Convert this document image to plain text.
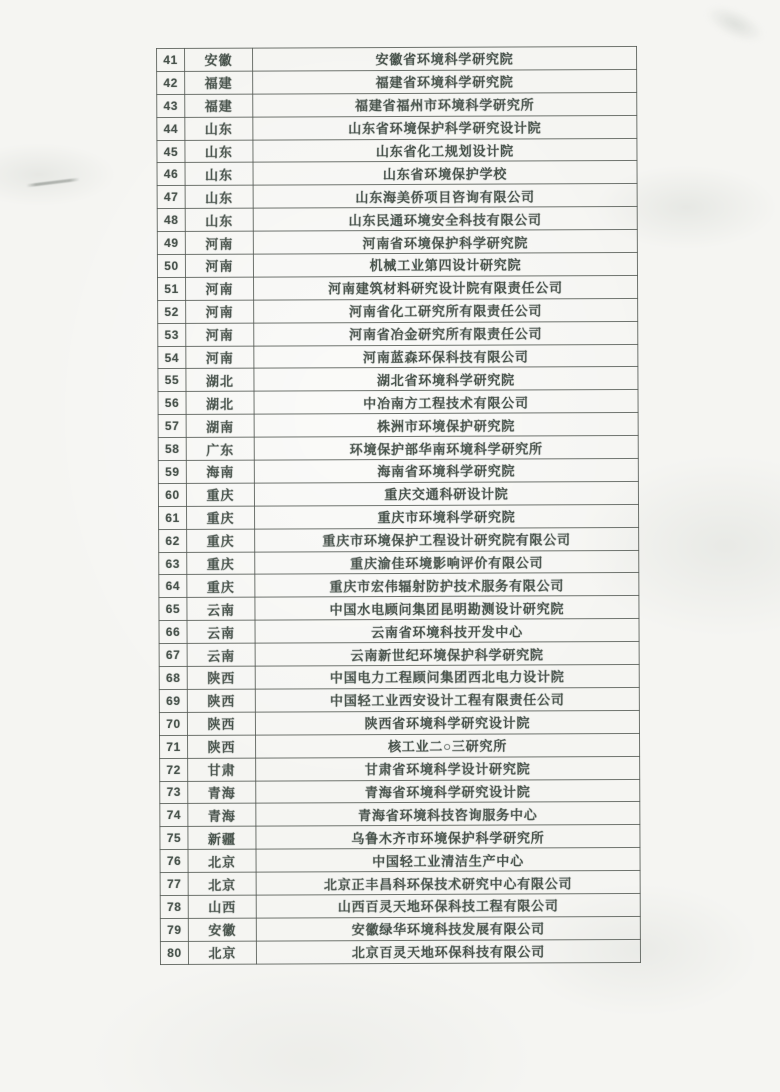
41	安徽	安徽省环境科学研究院
42	福建	福建省环境科学研究院
43	福建	福建省福州市环境科学研究所
44	山东	山东省环境保护科学研究设计院
45	山东	山东省化工规划设计院
46	山东	山东省环境保护学校
47	山东	山东海美侨项目咨询有限公司
48	山东	山东民通环境安全科技有限公司
49	河南	河南省环境保护科学研究院
50	河南	机械工业第四设计研究院
51	河南	河南建筑材料研究设计院有限责任公司
52	河南	河南省化工研究所有限责任公司
53	河南	河南省冶金研究所有限责任公司
54	河南	河南蓝森环保科技有限公司
55	湖北	湖北省环境科学研究院
56	湖北	中冶南方工程技术有限公司
57	湖南	株洲市环境保护研究院
58	广东	环境保护部华南环境科学研究所
59	海南	海南省环境科学研究院
60	重庆	重庆交通科研设计院
61	重庆	重庆市环境科学研究院
62	重庆	重庆市环境保护工程设计研究院有限公司
63	重庆	重庆渝佳环境影响评价有限公司
64	重庆	重庆市宏伟辐射防护技术服务有限公司
65	云南	中国水电顾问集团昆明勘测设计研究院
66	云南	云南省环境科技开发中心
67	云南	云南新世纪环境保护科学研究院
68	陕西	中国电力工程顾问集团西北电力设计院
69	陕西	中国轻工业西安设计工程有限责任公司
70	陕西	陕西省环境科学研究设计院
71	陕西	核工业二○三研究所
72	甘肃	甘肃省环境科学设计研究院
73	青海	青海省环境科学研究设计院
74	青海	青海省环境科技咨询服务中心
75	新疆	乌鲁木齐市环境保护科学研究所
76	北京	中国轻工业清洁生产中心
77	北京	北京正丰昌科环保技术研究中心有限公司
78	山西	山西百灵天地环保科技工程有限公司
79	安徽	安徽绿华环境科技发展有限公司
80	北京	北京百灵天地环保科技有限公司
